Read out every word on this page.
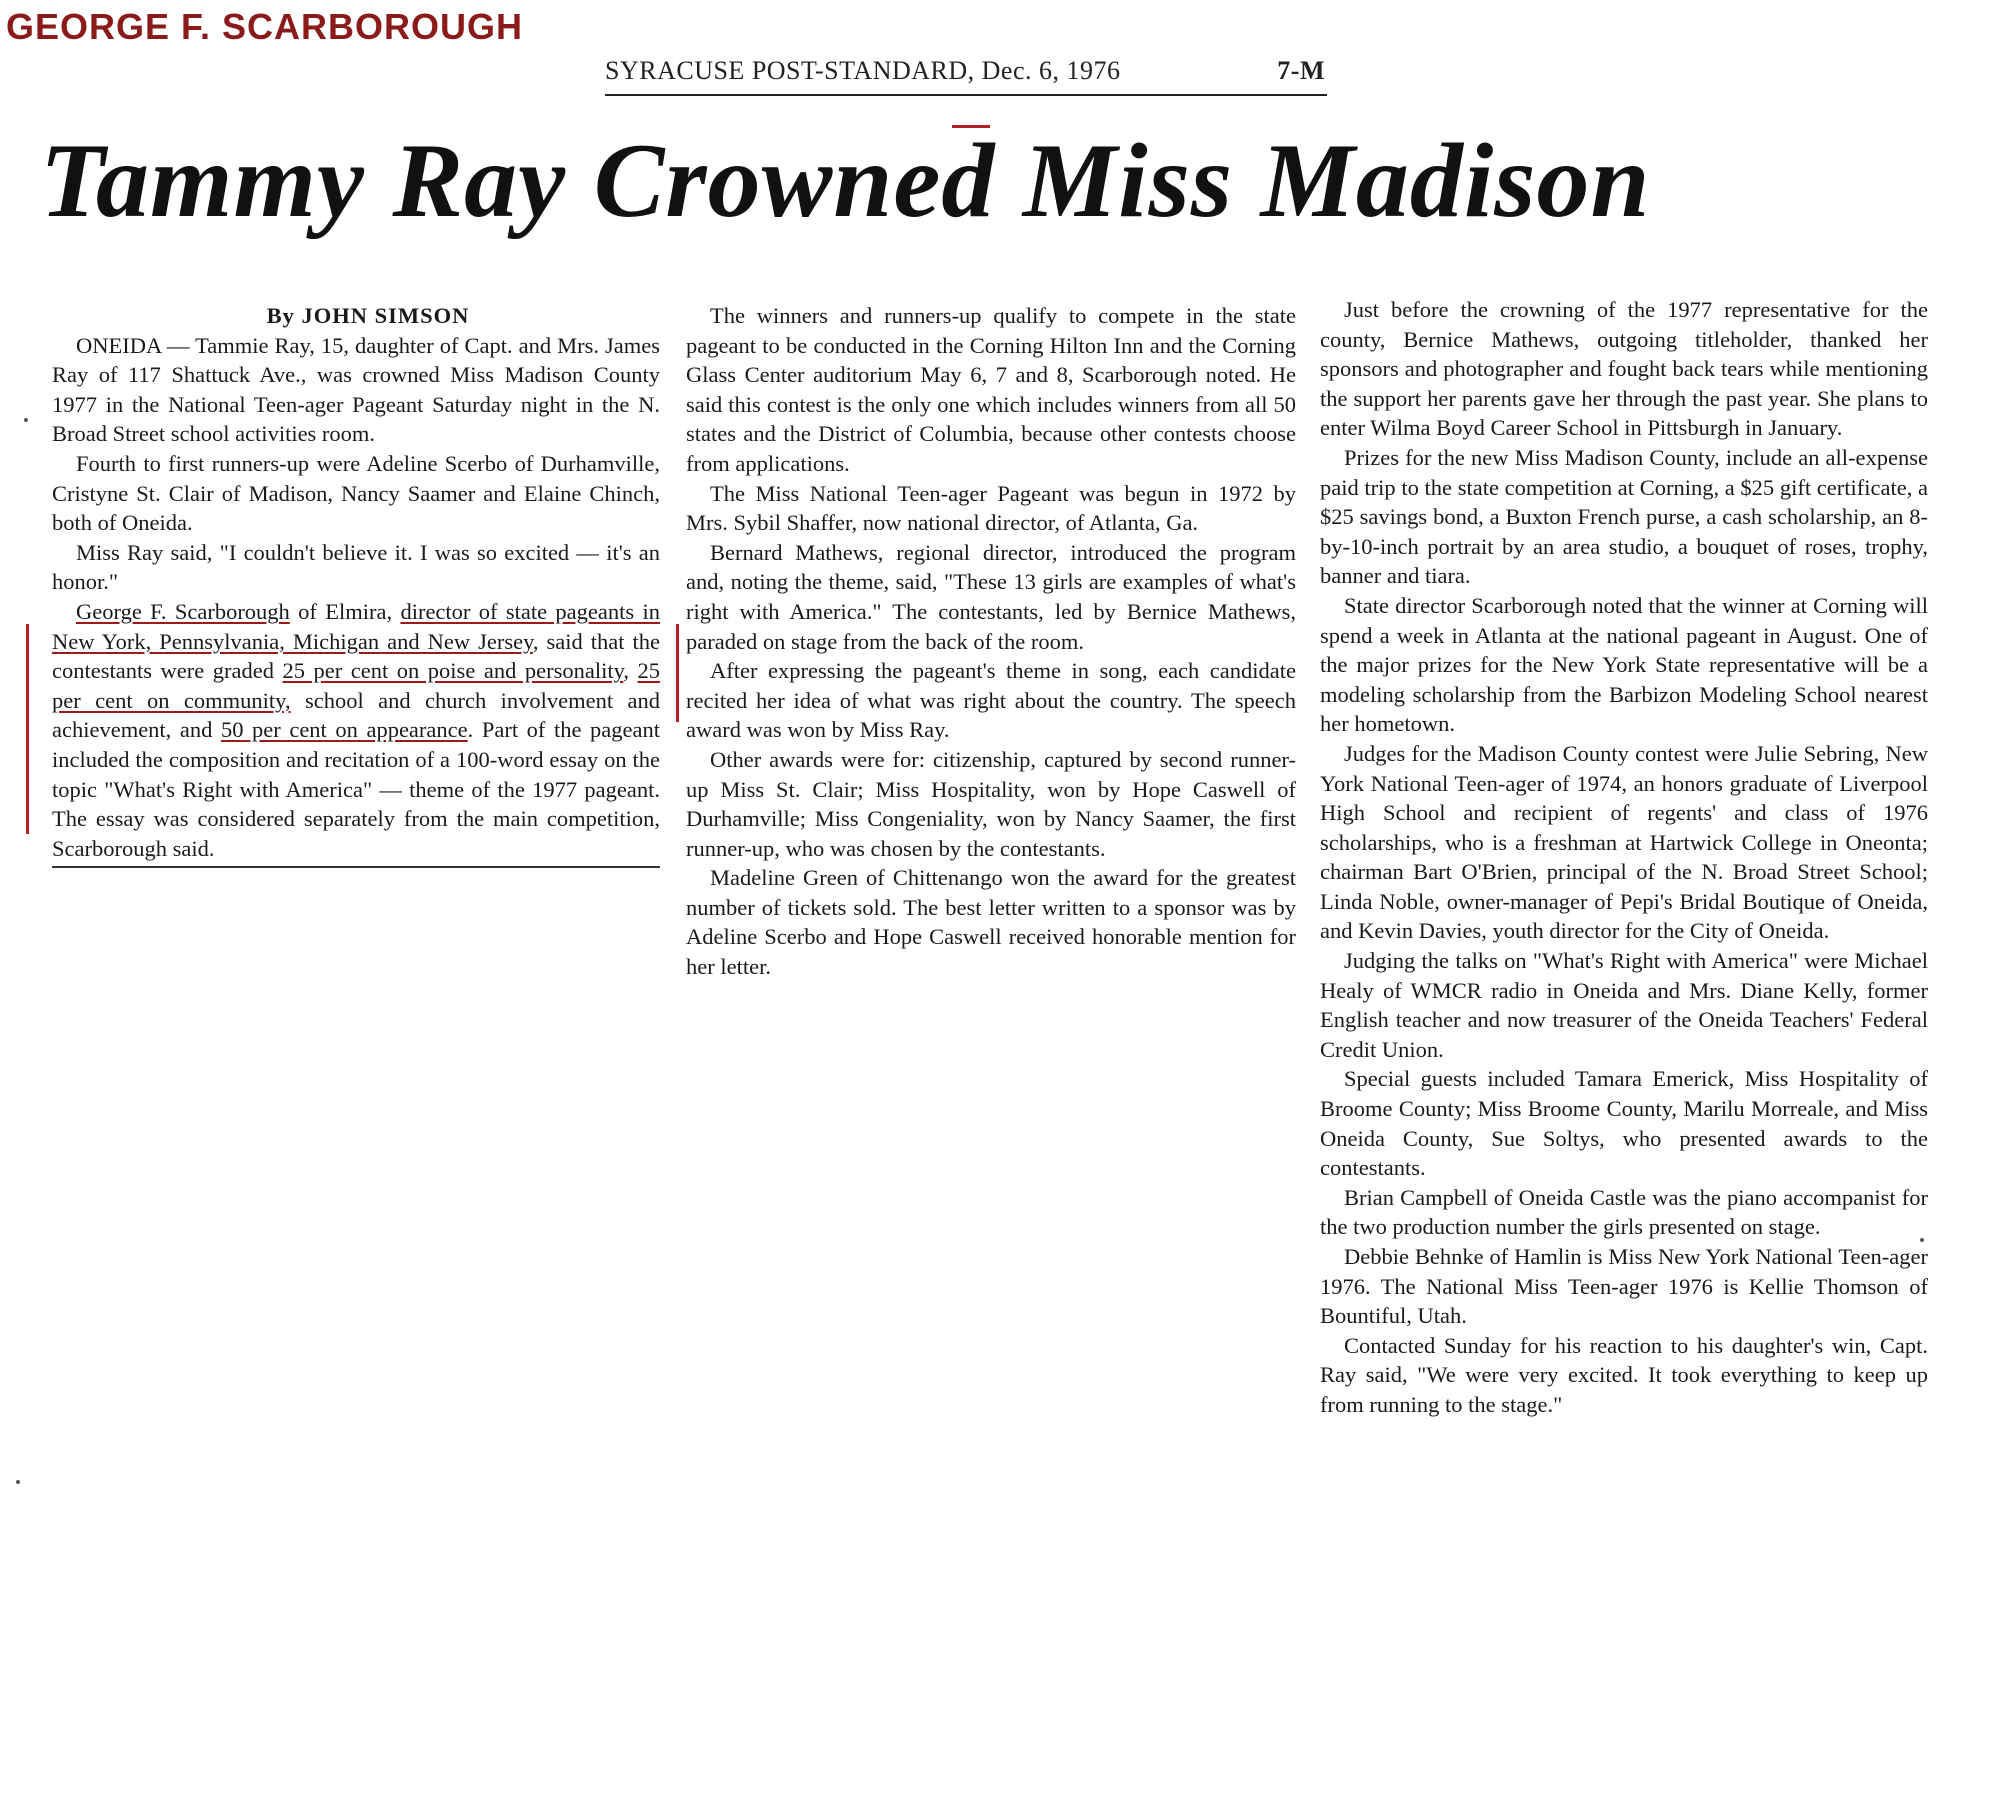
GEORGE F. SCARBOROUGH
SYRACUSE POST-STANDARD, Dec. 6, 1976	7-M
Tammy Ray Crowned Miss Madison

By JOHN SIMSON

ONEIDA — Tammie Ray, 15, daughter of Capt. and Mrs. James Ray of 117 Shattuck Ave., was crowned Miss Madison County 1977 in the National Teen-ager Pageant Saturday night in the N. Broad Street school activities room.

Fourth to first runners-up were Adeline Scerbo of Durhamville, Cristyne St. Clair of Madison, Nancy Saamer and Elaine Chinch, both of Oneida.

Miss Ray said, "I couldn't believe it. I was so excited — it's an honor."

George F. Scarborough of Elmira, director of state pageants in New York, Pennsylvania, Michigan and New Jersey, said that the contestants were graded 25 per cent on poise and personality, 25 per cent on community, school and church involvement and achievement, and 50 per cent on appearance. Part of the pageant included the composition and recitation of a 100-word essay on the topic "What's Right with America" — theme of the 1977 pageant. The essay was considered separately from the main competition, Scarborough said.

The winners and runners-up qualify to compete in the state pageant to be conducted in the Corning Hilton Inn and the Corning Glass Center auditorium May 6, 7 and 8, Scarborough noted. He said this contest is the only one which includes winners from all 50 states and the District of Columbia, because other contests choose from applications.

The Miss National Teen-ager Pageant was begun in 1972 by Mrs. Sybil Shaffer, now national director, of Atlanta, Ga.

Bernard Mathews, regional director, introduced the program and, noting the theme, said, "These 13 girls are examples of what's right with America." The contestants, led by Bernice Mathews, paraded on stage from the back of the room.

After expressing the pageant's theme in song, each candidate recited her idea of what was right about the country. The speech award was won by Miss Ray.

Other awards were for: citizenship, captured by second runner-up Miss St. Clair; Miss Hospitality, won by Hope Caswell of Durhamville; Miss Congeniality, won by Nancy Saamer, the first runner-up, who was chosen by the contestants.

Madeline Green of Chittenango won the award for the greatest number of tickets sold. The best letter written to a sponsor was by Adeline Scerbo and Hope Caswell received honorable mention for her letter.

Just before the crowning of the 1977 representative for the county, Bernice Mathews, outgoing titleholder, thanked her sponsors and photographer and fought back tears while mentioning the support her parents gave her through the past year. She plans to enter Wilma Boyd Career School in Pittsburgh in January.

Prizes for the new Miss Madison County, include an all-expense paid trip to the state competition at Corning, a $25 gift certificate, a $25 savings bond, a Buxton French purse, a cash scholarship, an 8-by-10-inch portrait by an area studio, a bouquet of roses, trophy, banner and tiara.

State director Scarborough noted that the winner at Corning will spend a week in Atlanta at the national pageant in August. One of the major prizes for the New York State representative will be a modeling scholarship from the Barbizon Modeling School nearest her hometown.

Judges for the Madison County contest were Julie Sebring, New York National Teen-ager of 1974, an honors graduate of Liverpool High School and recipient of regents' and class of 1976 scholarships, who is a freshman at Hartwick College in Oneonta; chairman Bart O'Brien, principal of the N. Broad Street School; Linda Noble, owner-manager of Pepi's Bridal Boutique of Oneida, and Kevin Davies, youth director for the City of Oneida.

Judging the talks on "What's Right with America" were Michael Healy of WMCR radio in Oneida and Mrs. Diane Kelly, former English teacher and now treasurer of the Oneida Teachers' Federal Credit Union.

Special guests included Tamara Emerick, Miss Hospitality of Broome County; Miss Broome County, Marilu Morreale, and Miss Oneida County, Sue Soltys, who presented awards to the contestants.

Brian Campbell of Oneida Castle was the piano accompanist for the two production number the girls presented on stage.

Debbie Behnke of Hamlin is Miss New York National Teen-ager 1976. The National Miss Teen-ager 1976 is Kellie Thomson of Bountiful, Utah.

Contacted Sunday for his reaction to his daughter's win, Capt. Ray said, "We were very excited. It took everything to keep up from running to the stage."
